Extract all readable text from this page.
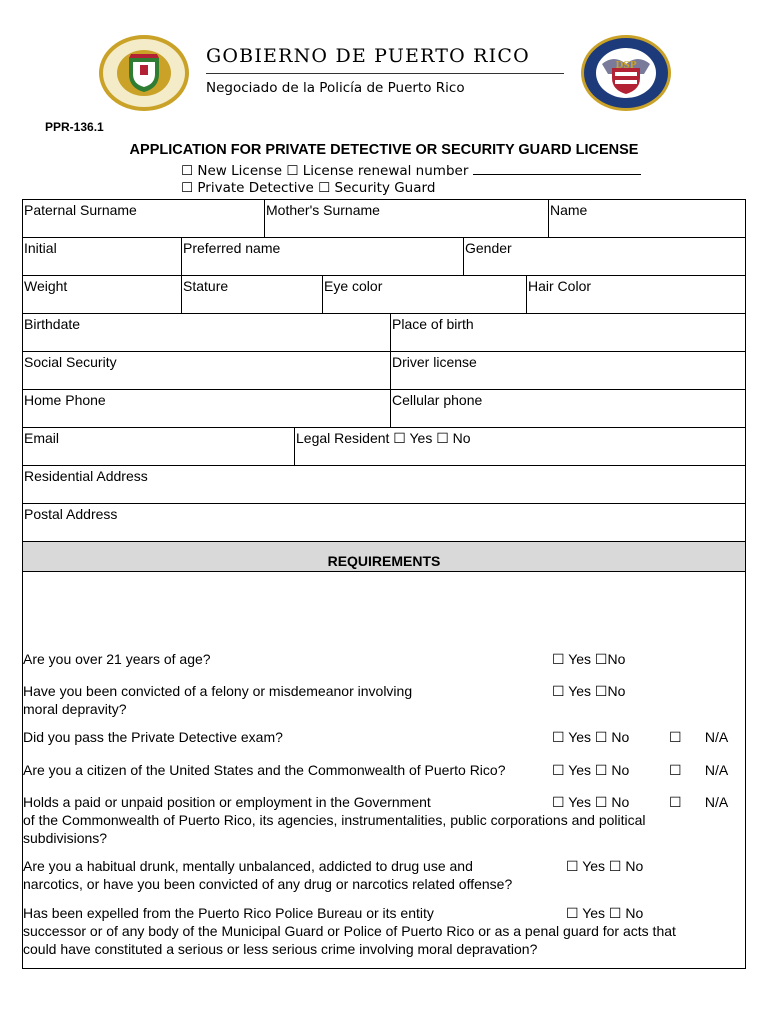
DSP
GOBIERNO DE PUERTO RICO
Negociado de la Policía de Puerto Rico
PPR-136.1
APPLICATION FOR PRIVATE DETECTIVE OR SECURITY GUARD LICENSE
☐ New License ☐ License renewal number
☐ Private Detective ☐ Security Guard
Paternal Surname	Mother's Surname	Name
Initial	Preferred name	Gender
Weight	Stature	Eye color	Hair Color
Birthdate	Place of birth
Social Security	Driver license
Home Phone	Cellular phone
Email	Legal Resident ☐ Yes ☐ No
Residential Address
Postal Address
REQUIREMENTS
Are you over 21 years of age?	☐ Yes ☐No
Have you been convicted of a felony or misdemeanor involving
moral depravity?
☐ Yes ☐No
Did you pass the Private Detective exam?	☐ Yes ☐ No	☐      N/A
Are you a citizen of the United States and the Commonwealth of Puerto Rico?	☐ Yes ☐ No	☐      N/A
Holds a paid or unpaid position or employment in the Government
of the Commonwealth of Puerto Rico, its agencies, instrumentalities, public corporations and political
subdivisions?
☐ Yes ☐ No	☐      N/A
Are you a habitual drunk, mentally unbalanced, addicted to drug use and
narcotics, or have you been convicted of any drug or narcotics related offense?
☐ Yes ☐ No
Has been expelled from the Puerto Rico Police Bureau or its entity
successor or of any body of the Municipal Guard or Police of Puerto Rico or as a penal guard for acts that
could have constituted a serious or less serious crime involving moral depravation?
☐ Yes ☐ No
